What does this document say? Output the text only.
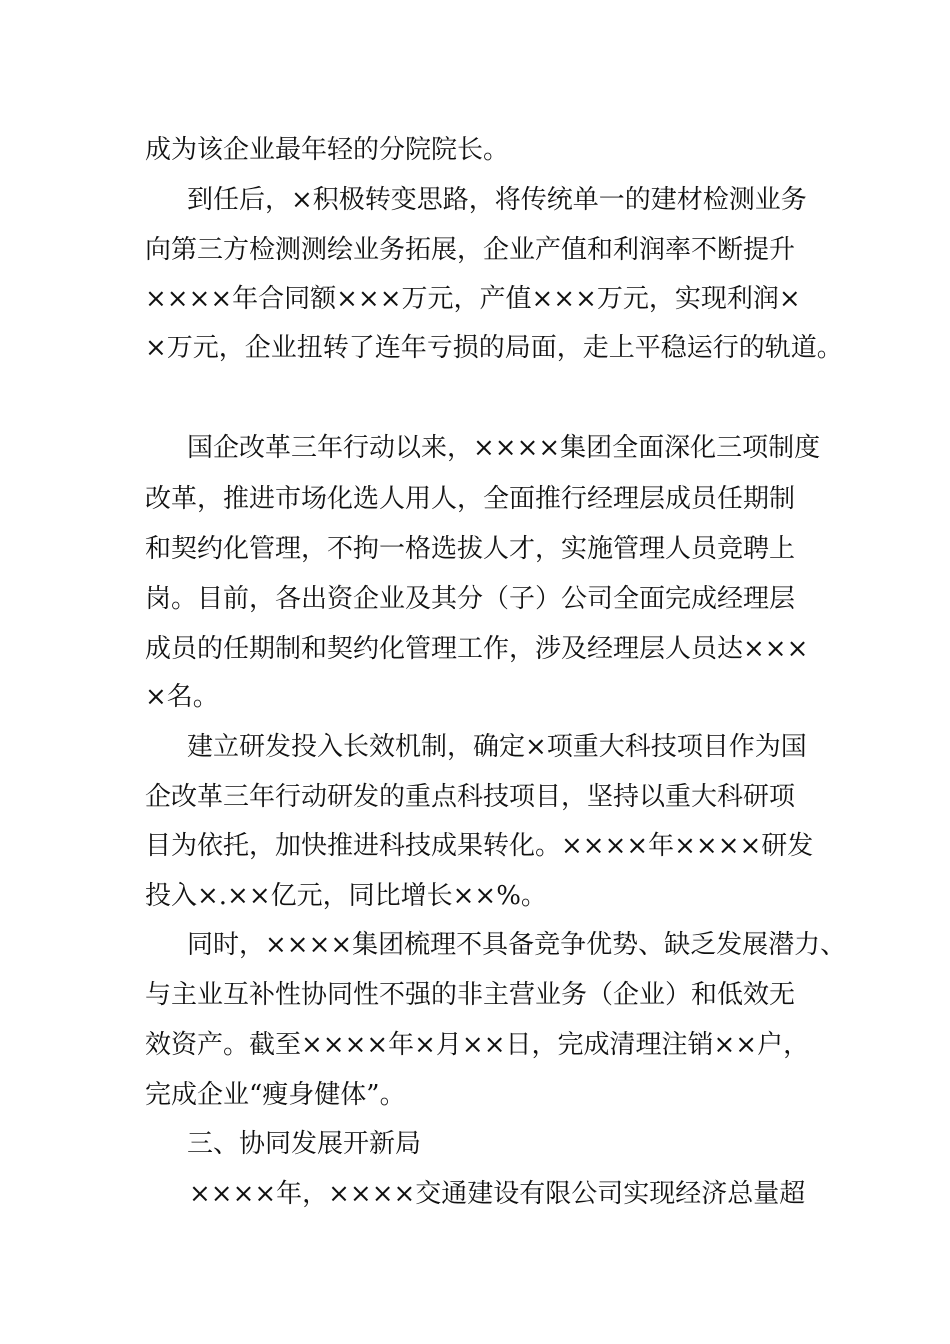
成为该企业最年轻的分院院长。

到任后，×积极转变思路，将传统单一的建材检测业务

向第三方检测测绘业务拓展，企业产值和利润率不断提升

××××年合同额×××万元，产值×××万元，实现利润×

×万元，企业扭转了连年亏损的局面，走上平稳运行的轨道。

国企改革三年行动以来，××××集团全面深化三项制度

改革，推进市场化选人用人，全面推行经理层成员任期制

和契约化管理，不拘一格选拔人才，实施管理人员竞聘上

岗。目前，各出资企业及其分（子）公司全面完成经理层

成员的任期制和契约化管理工作，涉及经理层人员达×××

×名。

建立研发投入长效机制，确定×项重大科技项目作为国

企改革三年行动研发的重点科技项目，坚持以重大科研项

目为依托，加快推进科技成果转化。××××年××××研发

投入×.××亿元，同比增长××%。

同时，××××集团梳理不具备竞争优势、缺乏发展潜力、

与主业互补性协同性不强的非主营业务（企业）和低效无

效资产。截至××××年×月××日，完成清理注销××户，

完成企业“瘦身健体”。

三、协同发展开新局

××××年，××××交通建设有限公司实现经济总量超
